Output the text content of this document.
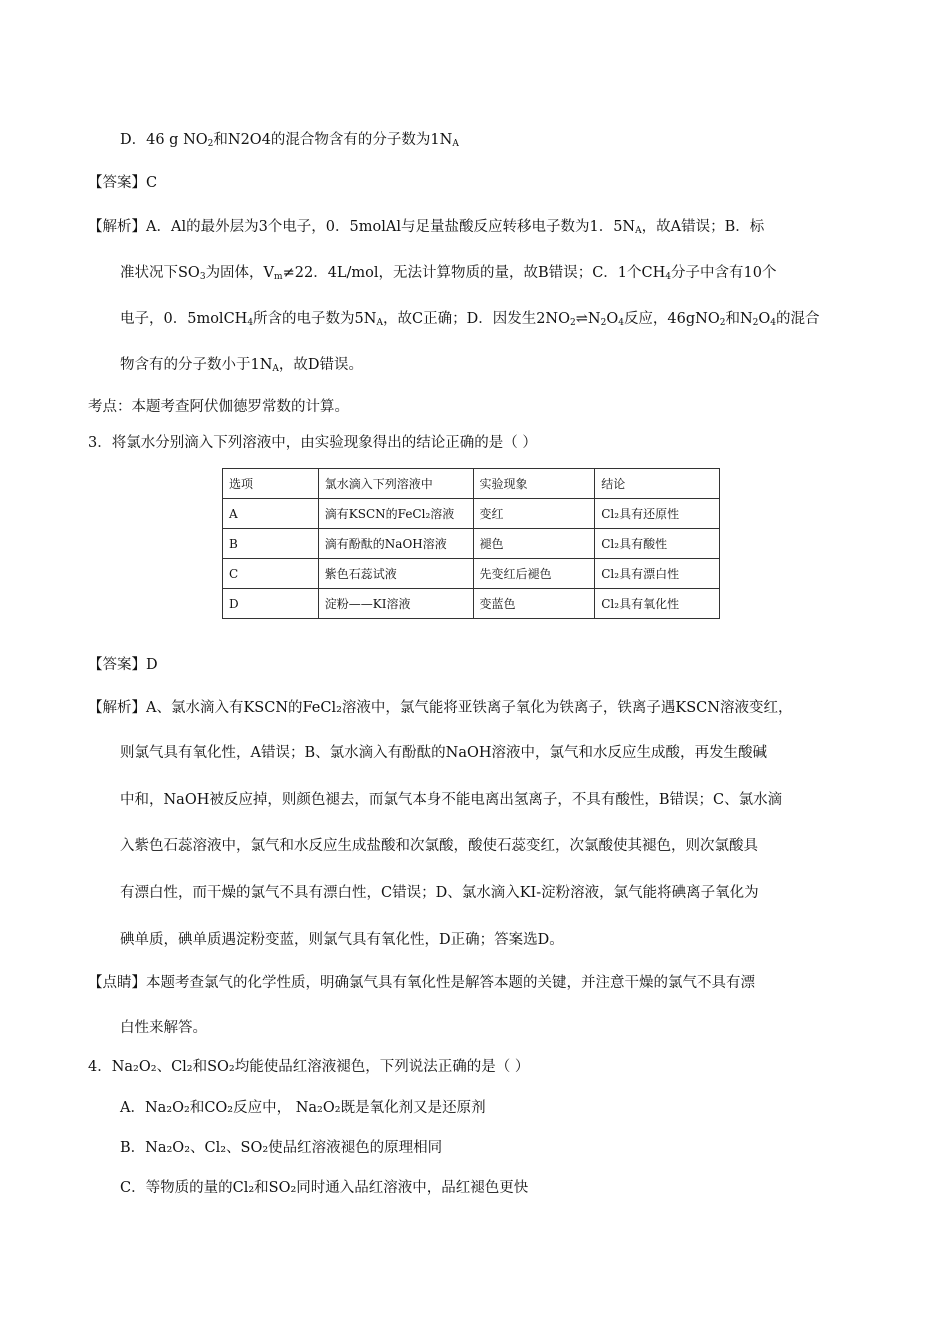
D．46 g $NO_2$和N2O4的混合物含有的分子数为$1N_A$
【答案】C
【解析】A．Al的最外层为3个电子，0．5molAl与足量盐酸反应转移电子数为1．$5N_A$，故A错误；B．标
准状况下$SO_3$为固体，$V_m\ne 22$．4L/mol，无法计算物质的量，故B错误；C．1个$CH_4$分子中含有10个
电子，0．5molCH$_4$所含的电子数为$5N_A$，故C正确；D．因发生$2NO_2\rightleftharpoons N_2O_4$反应，46gNO$_2$和$N_2O_4$的混合
物含有的分子数小于$1N_A$，故D错误。
考点：本题考查阿伏伽德罗常数的计算。
3．将氯水分别滴入下列溶液中，由实验现象得出的结论正确的是（ ）
选项	氯水滴入下列溶液中	实验现象	结论
A	滴有KSCN的FeCl₂溶液	变红	Cl₂具有还原性
B	滴有酚酞的NaOH溶液	褪色	Cl₂具有酸性
C	紫色石蕊试液	先变红后褪色	Cl₂具有漂白性
D	淀粉——KI溶液	变蓝色	Cl₂具有氧化性
【答案】D
【解析】A、氯水滴入有KSCN的FeCl₂溶液中，氯气能将亚铁离子氧化为铁离子，铁离子遇KSCN溶液变红，
则氯气具有氧化性，A错误；B、氯水滴入有酚酞的NaOH溶液中，氯气和水反应生成酸，再发生酸碱
中和，NaOH被反应掉，则颜色褪去，而氯气本身不能电离出氢离子，不具有酸性，B错误；C、氯水滴
入紫色石蕊溶液中，氯气和水反应生成盐酸和次氯酸，酸使石蕊变红，次氯酸使其褪色，则次氯酸具
有漂白性，而干燥的氯气不具有漂白性，C错误；D、氯水滴入KI-淀粉溶液，氯气能将碘离子氧化为
碘单质，碘单质遇淀粉变蓝，则氯气具有氧化性，D正确；答案选D。
【点睛】本题考查氯气的化学性质，明确氯气具有氧化性是解答本题的关键，并注意干燥的氯气不具有漂
白性来解答。
4．Na₂O₂、Cl₂和SO₂均能使品红溶液褪色，下列说法正确的是（ ）
A．Na₂O₂和CO₂反应中， Na₂O₂既是氧化剂又是还原剂
B．Na₂O₂、Cl₂、SO₂使品红溶液褪色的原理相同
C．等物质的量的Cl₂和SO₂同时通入品红溶液中，品红褪色更快
